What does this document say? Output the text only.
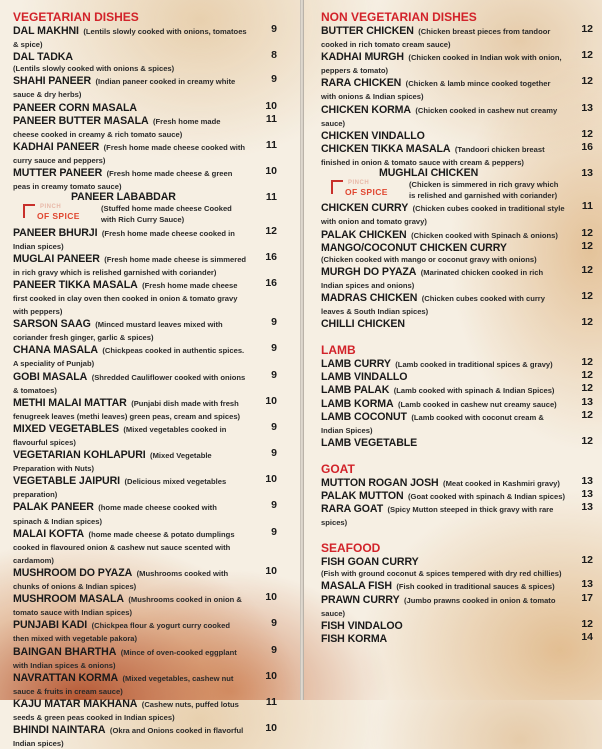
VEGETARIAN DISHES
DAL MAKHNI (Lentils slowly cooked with onions, tomatoes & spice)
9
DAL TADKA
(Lentils slowly cooked with onions & spices)
8
SHAHI PANEER (Indian paneer cooked in creamy white sauce & dry herbs)
9
PANEER CORN MASALA	10
PANEER BUTTER MASALA (Fresh home made cheese cooked in creamy & rich tomato sauce)
11
KADHAI PANEER (Fresh home made cheese cooked with curry sauce and peppers)
11
MUTTER PANEER (Fresh home made cheese & green peas in creamy tomato sauce)
10
PINCH
OF SPICE
PANEER LABABDAR
(Stuffed home made cheese Cooked with Rich Curry Sauce)
11
PANEER BHURJI (Fresh home made cheese cooked in Indian spices)
12
MUGLAI PANEER (Fresh home made cheese is simmered in rich gravy which is relished garnished with coriander)
16
PANEER TIKKA MASALA (Fresh home made cheese first cooked in clay oven then cooked in onion & tomato gravy with peppers)
16
SARSON SAAG (Minced mustard leaves mixed with coriander fresh ginger, garlic & spices)
9
CHANA MASALA (Chickpeas cooked in authentic spices. A speciality of Punjab)
9
GOBI MASALA (Shredded Cauliflower cooked with onions & tomatoes)
9
METHI MALAI MATTAR (Punjabi dish made with fresh fenugreek leaves (methi leaves) green peas, cream and spices)
10
MIXED VEGETABLES (Mixed vegetables cooked in flavourful spices)
9
VEGETARIAN KOHLAPURI (Mixed Vegetable Preparation with Nuts)
9
VEGETABLE JAIPURI (Delicious mixed vegetables preparation)
10
PALAK PANEER (home made cheese cooked with spinach & Indian spices)
9
MALAI KOFTA (home made cheese & potato dumplings cooked in flavoured onion & cashew nut sauce scented with cardamom)
9
MUSHROOM DO PYAZA (Mushrooms cooked with chunks of onions & Indian spices)
10
MUSHROOM MASALA (Mushrooms cooked in onion & tomato sauce with Indian spices)
10
PUNJABI KADI (Chickpea flour & yogurt curry cooked then mixed with vegetable pakora)
9
BAINGAN BHARTHA (Mince of oven-cooked eggplant with Indian spices & onions)
9
NAVRATTAN KORMA (Mixed vegetables, cashew nut sauce & fruits in cream sauce)
10
KAJU MATAR MAKHANA (Cashew nuts, puffed lotus seeds & green peas cooked in Indian spices)
11
BHINDI NAINTARA (Okra and Onions cooked in flavorful Indian spices)
10
NON VEGETARIAN DISHES
BUTTER CHICKEN (Chicken breast pieces from tandoor cooked in rich tomato cream sauce)
12
KADHAI MURGH (Chicken cooked in Indian wok with onion, peppers & tomato)
12
RARA CHICKEN (Chicken & lamb mince cooked together with onions & Indian spices)
12
CHICKEN KORMA (Chicken cooked in cashew nut creamy sauce)
13
CHICKEN VINDALLO	12
CHICKEN TIKKA MASALA (Tandoori chicken breast finished in onion & tomato sauce with cream & peppers)
16
PINCH
OF SPICE
MUGHLAI CHICKEN
(Chicken is simmered in rich gravy which is relished and garnished with coriander)
13
CHICKEN CURRY (Chicken cubes cooked in traditional style with onion and tomato gravy)
11
PALAK CHICKEN (Chicken cooked with Spinach & onions)	12
MANGO/COCONUT CHICKEN CURRY
(Chicken cooked with mango or coconut gravy with onions)
12
MURGH DO PYAZA (Marinated chicken cooked in rich Indian spices and onions)
12
MADRAS CHICKEN (Chicken cubes cooked with curry leaves & South Indian spices)
12
CHILLI CHICKEN	12
LAMB
LAMB CURRY (Lamb cooked in traditional spices & gravy)	12
LAMB VINDALLO	12
LAMB PALAK (Lamb cooked with spinach & Indian Spices)	12
LAMB KORMA (Lamb cooked in cashew nut creamy sauce)	13
LAMB COCONUT (Lamb cooked with coconut cream & Indian Spices)
12
LAMB VEGETABLE	12
GOAT
MUTTON ROGAN JOSH (Meat cooked in Kashmiri gravy)	13
PALAK MUTTON (Goat cooked with spinach & Indian spices)	13
RARA GOAT (Spicy Mutton steeped in thick gravy with rare spices)
13
SEAFOOD
FISH GOAN CURRY
(Fish with ground coconut & spices tempered with dry red chillies)
12
MASALA FISH (Fish cooked in traditional sauces & spices)	13
PRAWN CURRY (Jumbo prawns cooked in onion & tomato sauce)
17
FISH VINDALOO	12
FISH KORMA	14
